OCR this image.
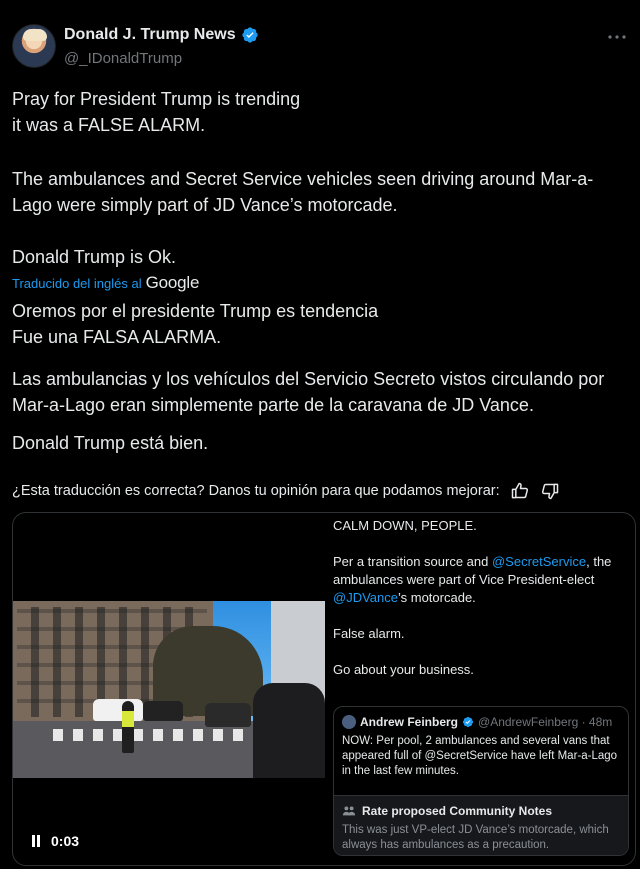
Donald J. Trump News
@_IDonaldTrump
Pray for President Trump is trending
it was a FALSE ALARM.
The ambulances and Secret Service vehicles seen driving around Mar-a-Lago were simply part of JD Vance’s motorcade.
Donald Trump is Ok.
Traducido del inglés al Google
Oremos por el presidente Trump es tendencia
Fue una FALSA ALARMA.
Las ambulancias y los vehículos del Servicio Secreto vistos circulando por Mar-a-Lago eran simplemente parte de la caravana de JD Vance.
Donald Trump está bien.
¿Esta traducción es correcta? Danos tu opinión para que podamos mejorar:
0:03
CALM DOWN, PEOPLE.
Per a transition source and @SecretService, the ambulances were part of Vice President-elect @JDVance’s motorcade.
False alarm.
Go about your business.
Andrew Feinberg @AndrewFeinberg · 48m
NOW: Per pool, 2 ambulances and several vans that appeared full of @SecretService have left Mar-a-Lago in the last few minutes.
Rate proposed Community Notes
This was just VP-elect JD Vance’s motorcade, which always has ambulances as a precaution.
